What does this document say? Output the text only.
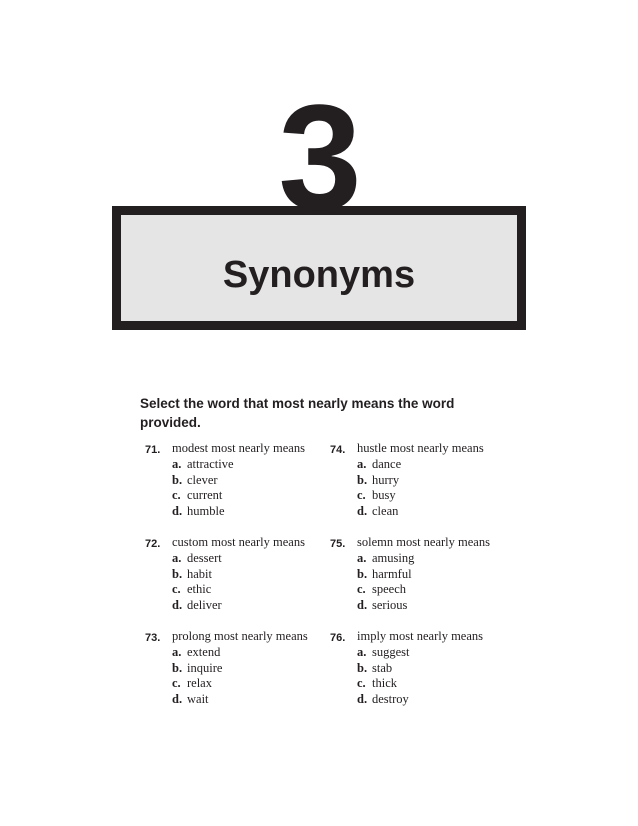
3
Synonyms
Select the word that most nearly means the word provided.
71. modest most nearly means
a. attractive
b. clever
c. current
d. humble
72. custom most nearly means
a. dessert
b. habit
c. ethic
d. deliver
73. prolong most nearly means
a. extend
b. inquire
c. relax
d. wait
74. hustle most nearly means
a. dance
b. hurry
c. busy
d. clean
75. solemn most nearly means
a. amusing
b. harmful
c. speech
d. serious
76. imply most nearly means
a. suggest
b. stab
c. thick
d. destroy
